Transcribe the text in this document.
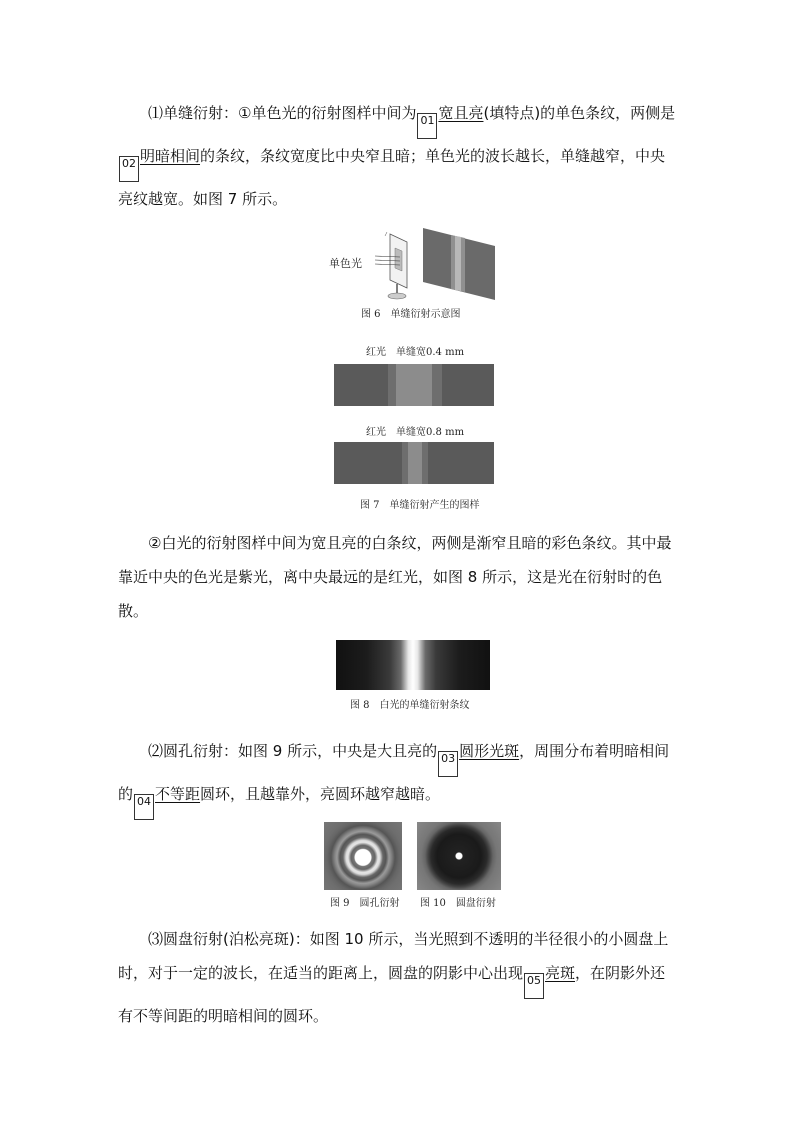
⑴单缝衍射：①单色光的衍射图样中间为 01 宽且亮(填特点)的单色条纹，两侧是02 明暗相间的条纹，条纹宽度比中央窄且暗；单色光的波长越长，单缝越窄，中央亮纹越宽。如图 7 所示。
单色光
图 6　单缝衍射示意图
红光　单缝宽0.4 mm
红光　单缝宽0.8 mm
图 7　单缝衍射产生的图样
②白光的衍射图样中间为宽且亮的白条纹，两侧是渐窄且暗的彩色条纹。其中最靠近中央的色光是紫光，离中央最远的是红光，如图 8 所示，这是光在衍射时的色散。
图 8　白光的单缝衍射条纹
⑵圆孔衍射：如图 9 所示，中央是大且亮的 03 圆形光斑，周围分布着明暗相间的 04 不等距圆环，且越靠外，亮圆环越窄越暗。
图 9　圆孔衍射 图 10　圆盘衍射
⑶圆盘衍射(泊松亮斑)：如图 10 所示，当光照到不透明的半径很小的小圆盘上时，对于一定的波长，在适当的距离上，圆盘的阴影中心出现 05 亮斑，在阴影外还有不等间距的明暗相间的圆环。
